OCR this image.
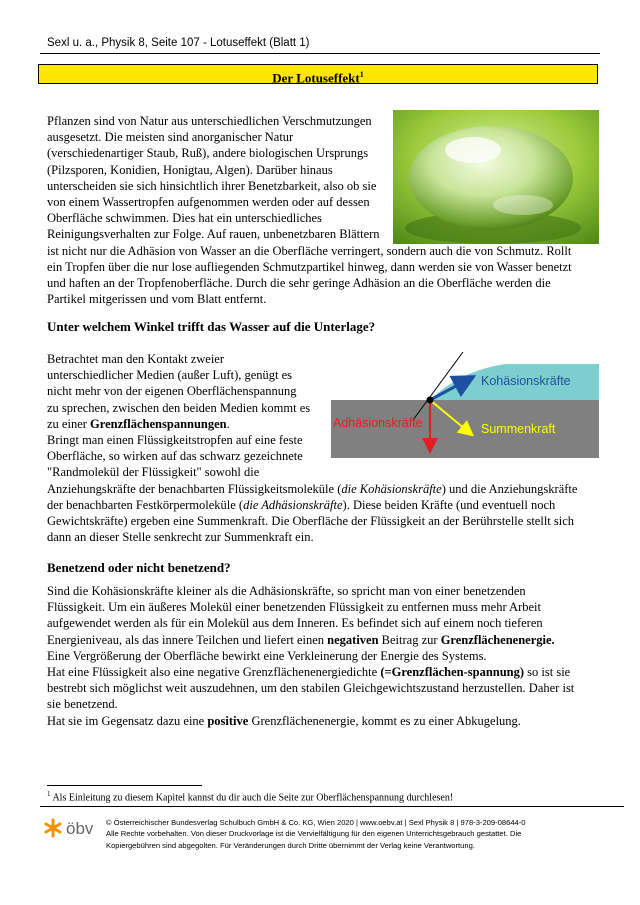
Sexl u. a., Physik 8, Seite 107 - Lotuseffekt (Blatt 1)
Der Lotuseffekt$^1$
Pflanzen sind von Natur aus unterschiedlichen Verschmutzungen
ausgesetzt. Die meisten sind anorganischer Natur
(verschiedenartiger Staub, Ruß), andere biologischen Ursprungs
(Pilzsporen, Konidien, Honigtau, Algen). Darüber hinaus
unterscheiden sie sich hinsichtlich ihrer Benetzbarkeit, also ob sie
von einem Wassertropfen aufgenommen werden oder auf dessen
Oberfläche schwimmen. Dies hat ein unterschiedliches
Reinigungsverhalten zur Folge. Auf rauen, unbenetzbaren Blättern
ist nicht nur die Adhäsion von Wasser an die Oberfläche verringert, sondern auch die von Schmutz. Rollt
ein Tropfen über die nur lose aufliegenden Schmutzpartikel hinweg, dann werden sie von Wasser benetzt
und haften an der Tropfenoberfläche. Durch die sehr geringe Adhäsion an die Oberfläche werden die
Partikel mitgerissen und vom Blatt entfernt.
Unter welchem Winkel trifft das Wasser auf die Unterlage?
Betrachtet man den Kontakt zweier
unterschiedlicher Medien (außer Luft), genügt es
nicht mehr von der eigenen Oberflächenspannung
zu sprechen, zwischen den beiden Medien kommt es
zu einer Grenzflächenspannungen.
Bringt man einen Flüssigkeitstropfen auf eine feste
Oberfläche, so wirken auf das schwarz gezeichnete
"Randmolekül der Flüssigkeit" sowohl die
Anziehungskräfte der benachbarten Flüssigkeitsmoleküle (die Kohäsionskräfte) und die Anziehungskräfte
der benachbarten Festkörpermoleküle (die Adhäsionskräfte). Diese beiden Kräfte (und eventuell noch
Gewichtskräfte) ergeben eine Summenkraft. Die Oberfläche der Flüssigkeit an der Berührstelle stellt sich
dann an dieser Stelle senkrecht zur Summenkraft ein.
Kohäsionskräfte
Adhäsionskräfte	Summenkraft
Benetzend oder nicht benetzend?
Sind die Kohäsionskräfte kleiner als die Adhäsionskräfte, so spricht man von einer benetzenden
Flüssigkeit. Um ein äußeres Molekül einer benetzenden Flüssigkeit zu entfernen muss mehr Arbeit
aufgewendet werden als für ein Molekül aus dem Inneren. Es befindet sich auf einem noch tieferen
Energieniveau, als das innere Teilchen und liefert einen negativen Beitrag zur Grenzflächenenergie.
Eine Vergrößerung der Oberfläche bewirkt eine Verkleinerung der Energie des Systems.
Hat eine Flüssigkeit also eine negative Grenzflächenenergiedichte (=Grenzflächen-spannung) so ist sie
bestrebt sich möglichst weit auszudehnen, um den stabilen Gleichgewichtszustand herzustellen. Daher ist
sie benetzend.
Hat sie im Gegensatz dazu eine positive Grenzflächenenergie, kommt es zu einer Abkugelung.
$^1$ Als Einleitung zu diesem Kapitel kannst du dir auch die Seite zur Oberflächenspannung durchlesen!
öbv © Österreichischer Bundesverlag Schulbuch GmbH & Co. KG, Wien 2020 | www.oebv.at | Sexl Physik 8 | 978-3-209-08644-0
Alle Rechte vorbehalten. Von dieser Druckvorlage ist die Vervielfältigung für den eigenen Unterrichtsgebrauch gestattet. Die
Kopiergebühren sind abgegolten. Für Veränderungen durch Dritte übernimmt der Verlag keine Verantwortung.
